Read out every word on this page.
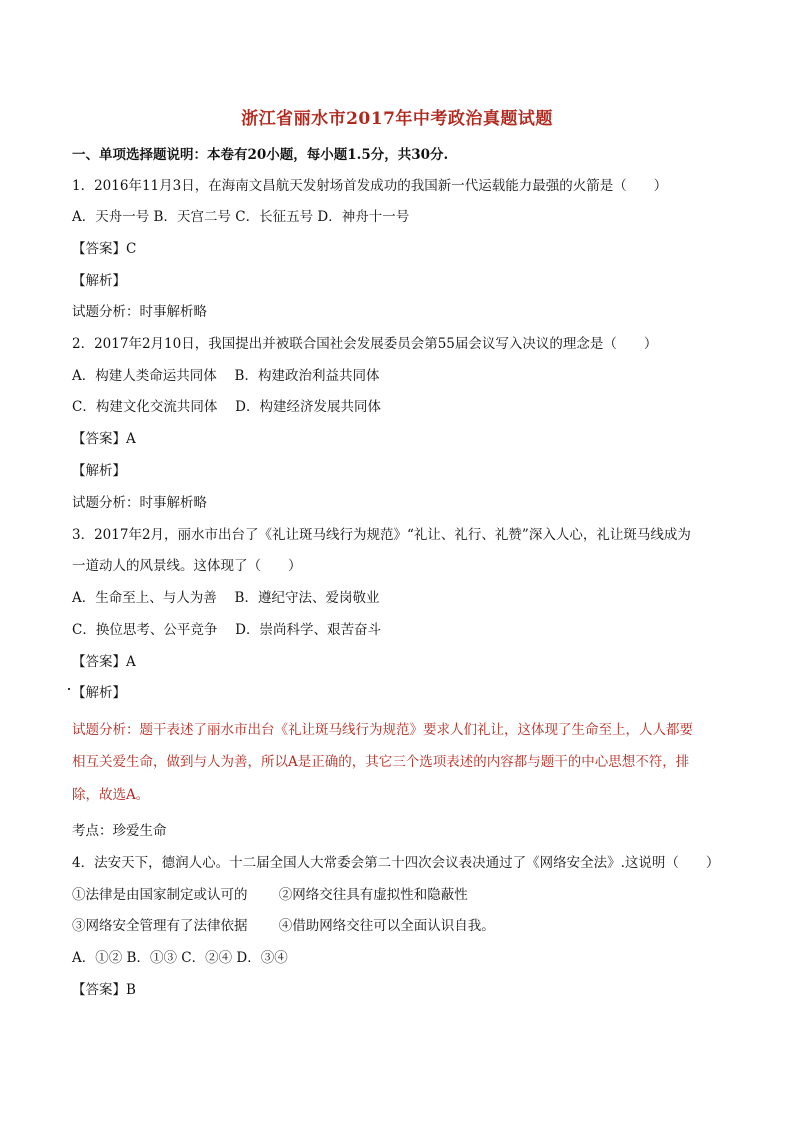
浙江省丽水市2017年中考政治真题试题
一、单项选择题说明：本卷有20小题，每小题1.5分，共30分.
1．2016年11月3日，在海南文昌航天发射场首发成功的我国新一代运载能力最强的火箭是（　　）
A．天舟一号 B．天宫二号 C．长征五号 D．神舟十一号
【答案】C
【解析】
试题分析：时事解析略
2．2017年2月10日，我国提出并被联合国社会发展委员会第55届会议写入决议的理念是（　　）
A．构建人类命运共同体　 B．构建政治利益共同体
C．构建文化交流共同体　 D．构建经济发展共同体
【答案】A
【解析】
试题分析：时事解析略
3．2017年2月，丽水市出台了《礼让斑马线行为规范》“礼让、礼行、礼赞”深入人心，礼让斑马线成为
一道动人的风景线。这体现了（　　）
A．生命至上、与人为善　 B．遵纪守法、爱岗敬业
C．换位思考、公平竞争　 D．崇尚科学、艰苦奋斗
【答案】A
【解析】
试题分析：题干表述了丽水市出台《礼让斑马线行为规范》要求人们礼让，这体现了生命至上，人人都要
相互关爱生命，做到与人为善，所以A是正确的，其它三个选项表述的内容都与题干的中心思想不符，排
除，故选A。
考点：珍爱生命
4．法安天下，德润人心。十二届全国人大常委会第二十四次会议表决通过了《网络安全法》.这说明（　　）
①法律是由国家制定或认可的　　 ②网络交往具有虚拟性和隐蔽性
③网络安全管理有了法律依据　　 ④借助网络交往可以全面认识自我。
A．①② B．①③ C．②④ D．③④
【答案】B
